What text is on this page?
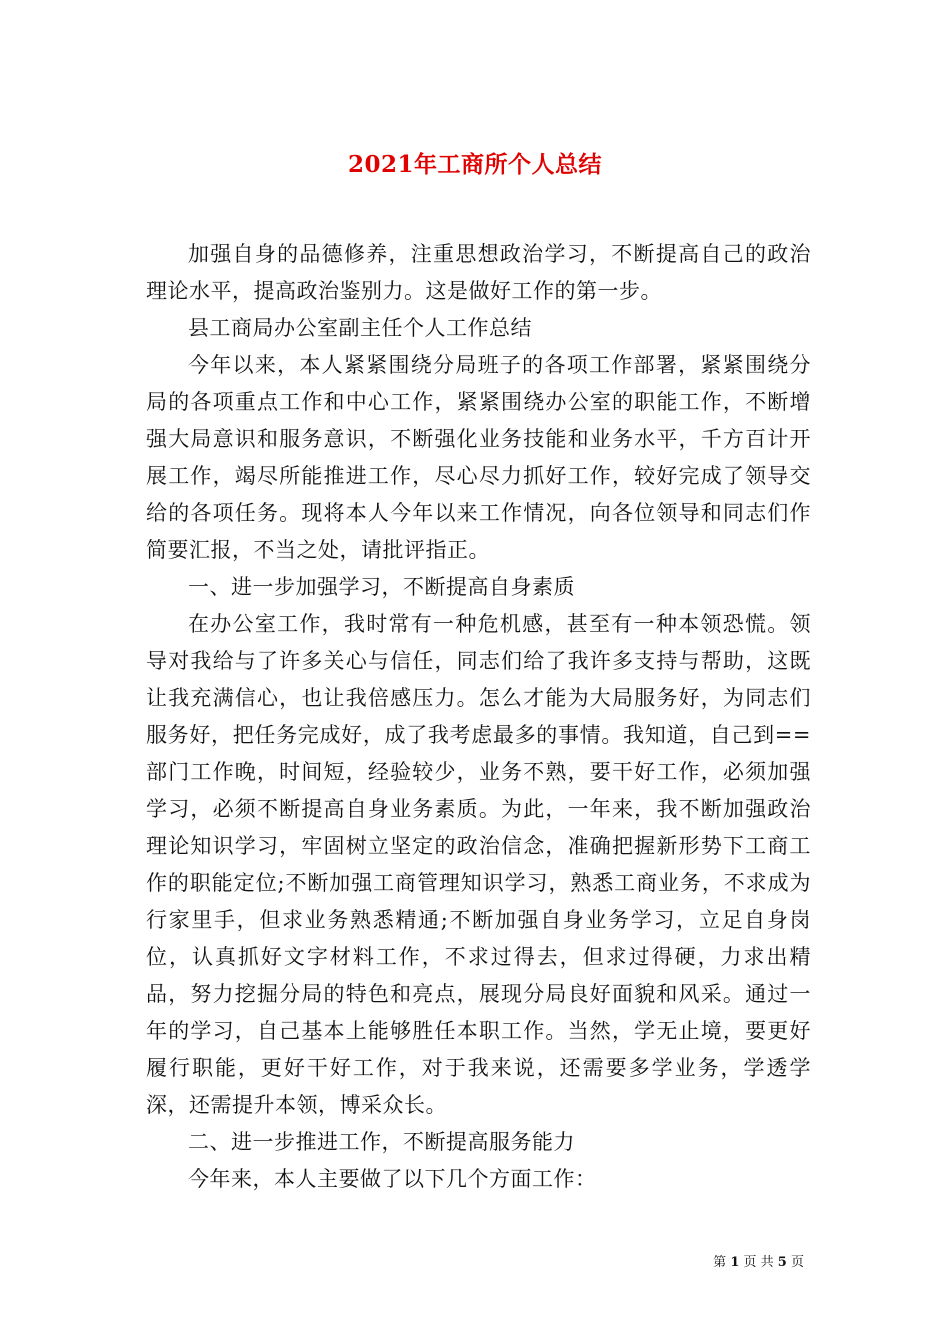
2021年工商所个人总结

加强自身的品德修养，注重思想政治学习，不断提高自己的政治理论水平，提高政治鉴别力。这是做好工作的第一步。

县工商局办公室副主任个人工作总结

今年以来，本人紧紧围绕分局班子的各项工作部署，紧紧围绕分局的各项重点工作和中心工作，紧紧围绕办公室的职能工作，不断增强大局意识和服务意识，不断强化业务技能和业务水平，千方百计开展工作，竭尽所能推进工作，尽心尽力抓好工作，较好完成了领导交给的各项任务。现将本人今年以来工作情况，向各位领导和同志们作简要汇报，不当之处，请批评指正。

一、进一步加强学习，不断提高自身素质

在办公室工作，我时常有一种危机感，甚至有一种本领恐慌。领导对我给与了许多关心与信任，同志们给了我许多支持与帮助，这既让我充满信心，也让我倍感压力。怎么才能为大局服务好，为同志们服务好，把任务完成好，成了我考虑最多的事情。我知道，自己到==部门工作晚，时间短，经验较少，业务不熟，要干好工作，必须加强学习，必须不断提高自身业务素质。为此，一年来，我不断加强政治理论知识学习，牢固树立坚定的政治信念，准确把握新形势下工商工作的职能定位;不断加强工商管理知识学习，熟悉工商业务，不求成为行家里手，但求业务熟悉精通;不断加强自身业务学习，立足自身岗位，认真抓好文字材料工作，不求过得去，但求过得硬，力求出精品，努力挖掘分局的特色和亮点，展现分局良好面貌和风采。通过一年的学习，自己基本上能够胜任本职工作。当然，学无止境，要更好履行职能，更好干好工作，对于我来说，还需要多学业务，学透学深，还需提升本领，博采众长。

二、进一步推进工作，不断提高服务能力

今年来，本人主要做了以下几个方面工作：

第 1 页 共 5 页
